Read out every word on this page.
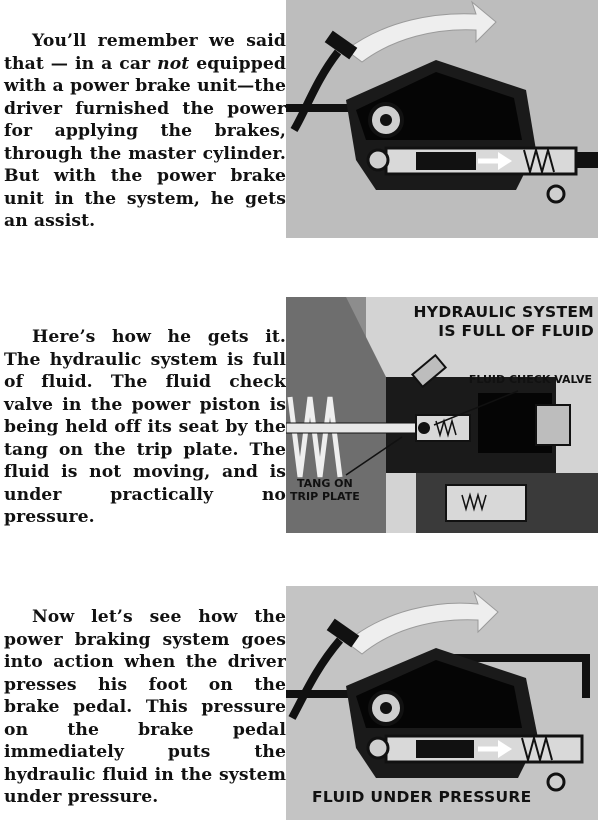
You’ll remember we said that — in a car not equipped with a power brake unit—the driver furnished the power for applying the brakes, through the master cylinder. But with the power brake unit in the system, he gets an assist.

Here’s how he gets it. The hydraulic system is full of fluid. The fluid check valve in the power piston is being held off its seat by the tang on the trip plate. The fluid is not moving, and is under practically no pressure.

Now let’s see how the power braking system goes into action when the driver presses his foot on the brake pedal. This pressure on the brake pedal immediately puts the hydraulic fluid in the system under pressure.

HYDRAULIC SYSTEM
IS FULL OF FLUID
FLUID CHECK VALVE
TANG ON
TRIP PLATE
FLUID UNDER PRESSURE
